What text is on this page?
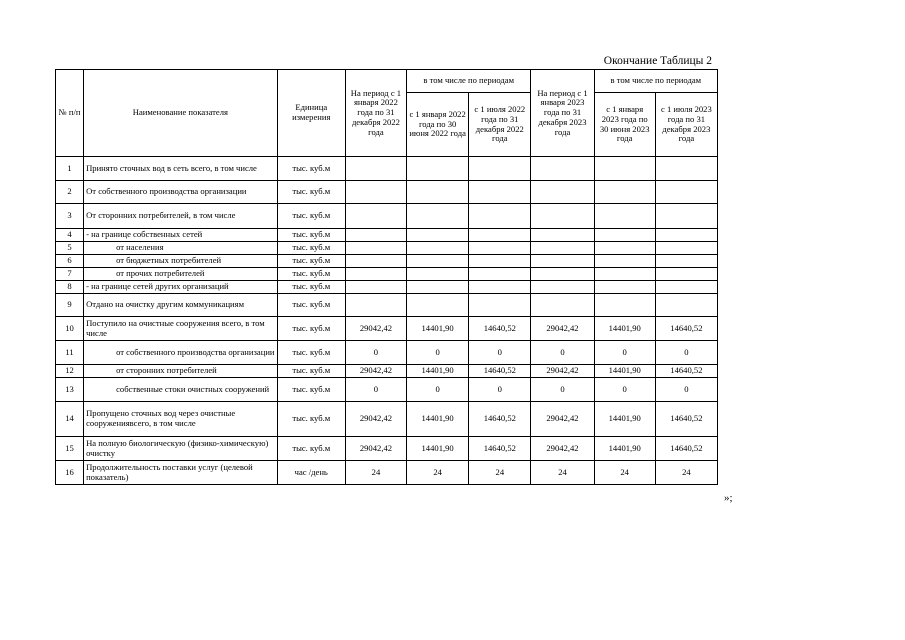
Окончание Таблицы 2
№ п/п	Наименование показателя	Единица измерения	На период с 1 января 2022 года по 31 декабря 2022 года	в том числе по периодам		На период с 1 января 2023 года по 31 декабря 2023 года	в том числе по периодам	
				с 1 января 2022 года по 30 июня 2022 года	с 1 июля 2022 года по 31 декабря 2022 года		с 1 января 2023 года по 30 июня 2023 года	с 1 июля 2023 года по 31 декабря 2023 года
1	Принято сточных вод в сеть всего, в том числе	тыс. куб.м						
2	От собственного производства организации	тыс. куб.м						
3	От сторонних потребителей, в том числе	тыс. куб.м						
4	- на границе собственных сетей	тыс. куб.м						
5	от населения	тыс. куб.м						
6	от бюджетных потребителей	тыс. куб.м						
7	от прочих потребителей	тыс. куб.м						
8	- на границе сетей других организаций	тыс. куб.м						
9	Отдано на очистку другим коммуникациям	тыс. куб.м						
10	Поступило на очистные сооружения всего, в том числе	тыс. куб.м	29042,42	14401,90	14640,52	29042,42	14401,90	14640,52
11	от собственного производства организации	тыс. куб.м	0	0	0	0	0	0
12	от сторонних потребителей	тыс. куб.м	29042,42	14401,90	14640,52	29042,42	14401,90	14640,52
13	собственные стоки очистных сооружений	тыс. куб.м	0	0	0	0	0	0
14	Пропущено сточных вод через очистные сооружениявсего, в том числе	тыс. куб.м	29042,42	14401,90	14640,52	29042,42	14401,90	14640,52
15	На полную биологическую (физико-химическую) очистку	тыс. куб.м	29042,42	14401,90	14640,52	29042,42	14401,90	14640,52
16	Продолжительность поставки услуг (целевой показатель)	час /день	24	24	24	24	24	24
»;
